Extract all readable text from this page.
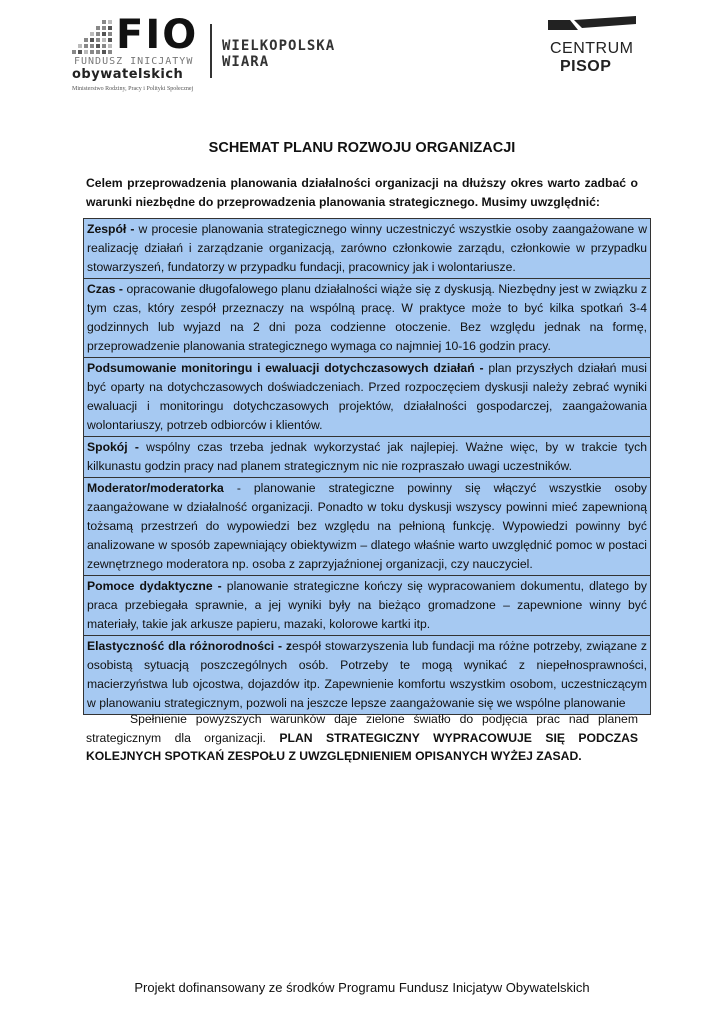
FIO
FUNDUSZ INICJATYW
obywatelskich
Ministerstwo Rodziny, Pracy i Polityki Społecznej
WIELKOPOLSKA WIARA
CENTRUM
PISOP
SCHEMAT PLANU ROZWOJU ORGANIZACJI
Celem przeprowadzenia planowania działalności organizacji na dłuższy okres warto zadbać o warunki niezbędne do przeprowadzenia planowania strategicznego. Musimy uwzględnić:
Zespół - w procesie planowania strategicznego winny uczestniczyć wszystkie osoby zaangażowane w realizację działań i zarządzanie organizacją, zarówno członkowie zarządu, członkowie w przypadku stowarzyszeń, fundatorzy w przypadku fundacji, pracownicy jak i wolontariusze.
Czas - opracowanie długofalowego planu działalności wiąże się z dyskusją. Niezbędny jest w związku z tym czas, który zespół przeznaczy na wspólną pracę. W praktyce może to być kilka spotkań 3-4 godzinnych lub wyjazd na 2 dni poza codzienne otoczenie. Bez względu jednak na formę, przeprowadzenie planowania strategicznego wymaga co najmniej 10-16 godzin pracy.
Podsumowanie monitoringu i ewaluacji dotychczasowych działań - plan przyszłych działań musi być oparty na dotychczasowych doświadczeniach. Przed rozpoczęciem dyskusji należy zebrać wyniki ewaluacji i monitoringu dotychczasowych projektów, działalności gospodarczej, zaangażowania wolontariuszy, potrzeb odbiorców i klientów.
Spokój - wspólny czas trzeba jednak wykorzystać jak najlepiej. Ważne więc, by w trakcie tych kilkunastu godzin pracy nad planem strategicznym nic nie rozpraszało uwagi uczestników.
Moderator/moderatorka - planowanie strategiczne powinny się włączyć wszystkie osoby zaangażowane w działalność organizacji. Ponadto w toku dyskusji wszyscy powinni mieć zapewnioną tożsamą przestrzeń do wypowiedzi bez względu na pełnioną funkcję. Wypowiedzi powinny być analizowane w sposób zapewniający obiektywizm – dlatego właśnie warto uwzględnić pomoc w postaci zewnętrznego moderatora np. osoba z zaprzyjaźnionej organizacji, czy nauczyciel.
Pomoce dydaktyczne - planowanie strategiczne kończy się wypracowaniem dokumentu, dlatego by praca przebiegała sprawnie, a jej wyniki były na bieżąco gromadzone – zapewnione winny być materiały, takie jak arkusze papieru, mazaki, kolorowe kartki itp.
Elastyczność dla różnorodności - zespół stowarzyszenia lub fundacji ma różne potrzeby, związane z osobistą sytuacją poszczególnych osób. Potrzeby te mogą wynikać z niepełnosprawności, macierzyństwa lub ojcostwa, dojazdów itp. Zapewnienie komfortu wszystkim osobom, uczestniczącym w planowaniu strategicznym, pozwoli na jeszcze lepsze zaangażowanie się we wspólne planowanie
Spełnienie powyższych warunków daje zielone światło do podjęcia prac nad planem strategicznym dla organizacji. PLAN STRATEGICZNY WYPRACOWUJE SIĘ PODCZAS KOLEJNYCH SPOTKAŃ ZESPOŁU Z UWZGLĘDNIENIEM OPISANYCH WYŻEJ ZASAD.
Projekt dofinansowany ze środków Programu Fundusz Inicjatyw Obywatelskich
